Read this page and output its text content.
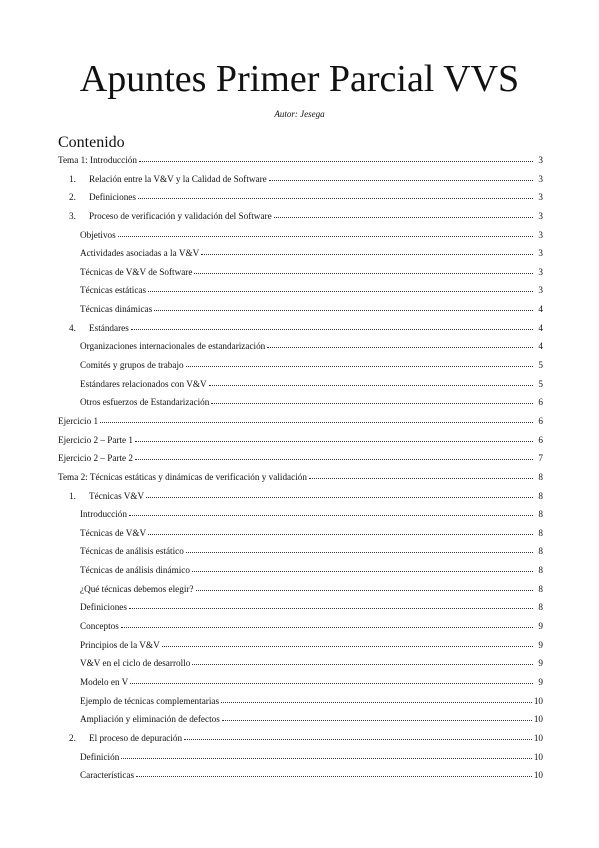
Apuntes Primer Parcial VVS
Autor: Jesega
Contenido
Tema 1: Introducción	3
1.	Relación entre la V&V y la Calidad de Software	3
2.	Definiciones	3
3.	Proceso de verificación y validación del Software	3
Objetivos	3
Actividades asociadas a la V&V	3
Técnicas de V&V de Software	3
Técnicas estáticas	3
Técnicas dinámicas	4
4.	Estándares	4
Organizaciones internacionales de estandarización	4
Comités y grupos de trabajo	5
Estándares relacionados con V&V	5
Otros esfuerzos de Estandarización	6
Ejercicio 1	6
Ejercicio 2 – Parte 1	6
Ejercicio 2 – Parte 2	7
Tema 2: Técnicas estáticas y dinámicas de verificación y validación	8
1.	Técnicas V&V	8
Introducción	8
Técnicas de V&V	8
Técnicas de análisis estático	8
Técnicas de análisis dinámico	8
¿Qué técnicas debemos elegir?	8
Definiciones	8
Conceptos	9
Principios de la V&V	9
V&V en el ciclo de desarrollo	9
Modelo en V	9
Ejemplo de técnicas complementarias	10
Ampliación y eliminación de defectos	10
2.	El proceso de depuración	10
Definición	10
Características	10
